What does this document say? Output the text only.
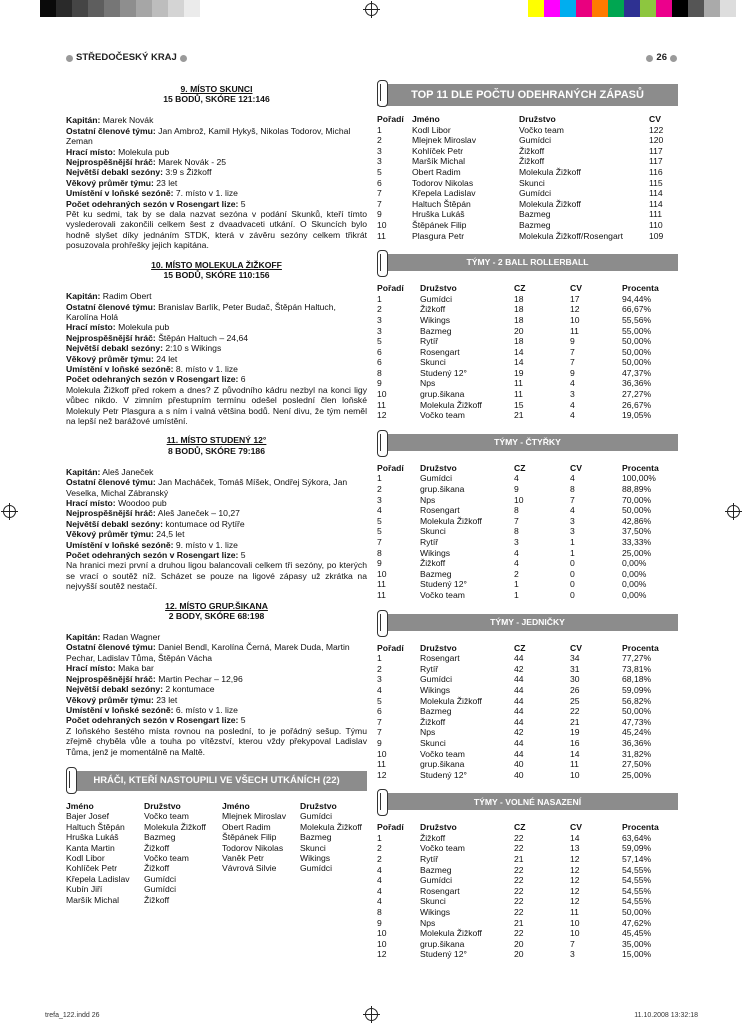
STŘEDOČESKÝ KRAJ	26
9. MÍSTO SKUNCI
15 BODŮ, SKÓRE 121:146
Kapitán: Marek Novák
Ostatní členové týmu: Jan Ambrož, Kamil Hykyš, Nikolas Todorov, Michal Zeman
Hrací místo: Molekula pub
Nejprospěšnější hráč: Marek Novák - 25
Největší debakl sezóny: 3:9 s Žižkoff
Věkový průměr týmu: 23 let
Umístění v loňské sezóně: 7. místo v 1. lize
Počet odehraných sezón v Rosengart lize: 5
Pět ku sedmi, tak by se dala nazvat sezóna v podání Skunků, kteří tímto vyslederovali zakončili celkem šest z dvaadvaceti utkání. O Skuncích bylo hodně slyšet díky jednáním STDK, která v závěru sezóny celkem třikrát posuzovala prohřešky jejich kapitána.
10. MÍSTO MOLEKULA ŽIŽKOFF
15 BODŮ, SKÓRE 110:156
Kapitán: Radim Obert
Ostatní členové týmu: Branislav Barlík, Peter Budač, Štěpán Haltuch, Karolína Holá
Hrací místo: Molekula pub
Nejprospěšnější hráč: Štěpán Haltuch – 24,64
Největší debakl sezóny: 2:10 s Wikings
Věkový průměr týmu: 24 let
Umístění v loňské sezóně: 8. místo v 1. lize
Počet odehraných sezón v Rosengart lize: 6
Molekula Žižkoff před rokem a dnes? Z původního kádru nezbyl na konci ligy vůbec nikdo. V zimním přestupním termínu odešel poslední člen loňské Molekuly Petr Plasgura a s ním i valná většina bodů. Není divu, že tým neměl na lepší než barážové umístění.
11. MÍSTO STUDENÝ 12°
8 BODŮ, SKÓRE 79:186
Kapitán: Aleš Janeček
Ostatní členové týmu: Jan Macháček, Tomáš Míšek, Ondřej Sýkora, Jan Veselka, Michal Zábranský
Hrací místo: Woodoo pub
Nejprospěšnější hráč: Aleš Janeček – 10,27
Největší debakl sezóny: kontumace od Rytíře
Věkový průměr týmu: 24,5 let
Umístění v loňské sezóně: 9. místo v 1. lize
Počet odehraných sezón v Rosengart lize: 5
Na hranici mezi první a druhou ligou balancovali celkem tři sezóny, po kterých se vrací o soutěž níž. Scházet se pouze na ligové zápasy už zkrátka na nejvyšší soutěž nestačí.
12. MÍSTO GRUP.ŠIKANA
2 BODY, SKÓRE 68:198
Kapitán: Radan Wagner
Ostatní členové týmu: Daniel Bendl, Karolína Černá, Marek Duda, Martin Pechar, Ladislav Tůma, Štěpán Vácha
Hrací místo: Maka bar
Nejprospěšnější hráč: Martin Pechar – 12,96
Největší debakl sezóny: 2 kontumace
Věkový průměr týmu: 23 let
Umístění v loňské sezóně: 6. místo v 1. lize
Počet odehraných sezón v Rosengart lize: 5
Z loňského šestého místa rovnou na poslední, to je pořádný sešup. Týmu zřejmě chyběla vůle a touha po vítězství, kterou vždy překypoval Ladislav Tůma, jenž je momentálně na Maltě.
HRÁČI, KTEŘÍ NASTOUPILI VE VŠECH UTKÁNÍCH (22)
Jméno	Družstvo	Jméno	Družstvo
Bajer Josef	Vočko team	Mlejnek Miroslav	Gumídci
Haltuch Štěpán	Molekula Žižkoff	Obert Radim	Molekula Žižkoff
Hruška Lukáš	Bazmeg	Štěpánek Filip	Bazmeg
Kanta Martin	Žižkoff	Todorov Nikolas	Skunci
Kodl Libor	Vočko team	Vaněk Petr	Wikings
Kohlíček Petr	Žižkoff	Vávrová Silvie	Gumídci
Křepela Ladislav	Gumídci
Kubín Jiří	Gumídci
Maršík Michal	Žižkoff
TOP 11 DLE POČTU ODEHRANÝCH ZÁPASŮ
Pořadí	Jméno	Družstvo	CV
1	Kodl Libor	Vočko team	122
2	Mlejnek Miroslav	Gumídci	120
3	Kohlíček Petr	Žižkoff	117
3	Maršík Michal	Žižkoff	117
5	Obert Radim	Molekula Žižkoff	116
6	Todorov Nikolas	Skunci	115
7	Křepela Ladislav	Gumídci	114
7	Haltuch Štěpán	Molekula Žižkoff	114
9	Hruška Lukáš	Bazmeg	111
10	Štěpánek Filip	Bazmeg	110
11	Plasgura Petr	Molekula Žižkoff/Rosengart	109
TÝMY - 2 BALL ROLLERBALL
Pořadí	Družstvo	CZ	CV	Procenta
1	Gumídci	18	17	94,44%
2	Žižkoff	18	12	66,67%
3	Wikings	18	10	55,56%
3	Bazmeg	20	11	55,00%
5	Rytíř	18	9	50,00%
6	Rosengart	14	7	50,00%
6	Skunci	14	7	50,00%
8	Studený 12°	19	9	47,37%
9	Nps	11	4	36,36%
10	grup.šikana	11	3	27,27%
11	Molekula Žižkoff	15	4	26,67%
12	Vočko team	21	4	19,05%
TÝMY - ČTYŘKY
Pořadí	Družstvo	CZ	CV	Procenta
1	Gumídci	4	4	100,00%
2	grup.šikana	9	8	88,89%
3	Nps	10	7	70,00%
4	Rosengart	8	4	50,00%
5	Molekula Žižkoff	7	3	42,86%
5	Skunci	8	3	37,50%
7	Rytíř	3	1	33,33%
8	Wikings	4	1	25,00%
9	Žižkoff	4	0	0,00%
10	Bazmeg	2	0	0,00%
11	Studený 12°	1	0	0,00%
11	Vočko team	1	0	0,00%
TÝMY - JEDNIČKY
Pořadí	Družstvo	CZ	CV	Procenta
1	Rosengart	44	34	77,27%
2	Rytíř	42	31	73,81%
3	Gumídci	44	30	68,18%
4	Wikings	44	26	59,09%
5	Molekula Žižkoff	44	25	56,82%
6	Bazmeg	44	22	50,00%
7	Žižkoff	44	21	47,73%
7	Nps	42	19	45,24%
9	Skunci	44	16	36,36%
10	Vočko team	44	14	31,82%
11	grup.šikana	40	11	27,50%
12	Studený 12°	40	10	25,00%
TÝMY - VOLNÉ NASAZENÍ
Pořadí	Družstvo	CZ	CV	Procenta
1	Žižkoff	22	14	63,64%
2	Vočko team	22	13	59,09%
2	Rytíř	21	12	57,14%
4	Bazmeg	22	12	54,55%
4	Gumídci	22	12	54,55%
4	Rosengart	22	12	54,55%
4	Skunci	22	12	54,55%
8	Wikings	22	11	50,00%
9	Nps	21	10	47,62%
10	Molekula Žižkoff	22	10	45,45%
10	grup.šikana	20	7	35,00%
12	Studený 12°	20	3	15,00%
trefa_122.indd 26	11.10.2008 13:32:18
